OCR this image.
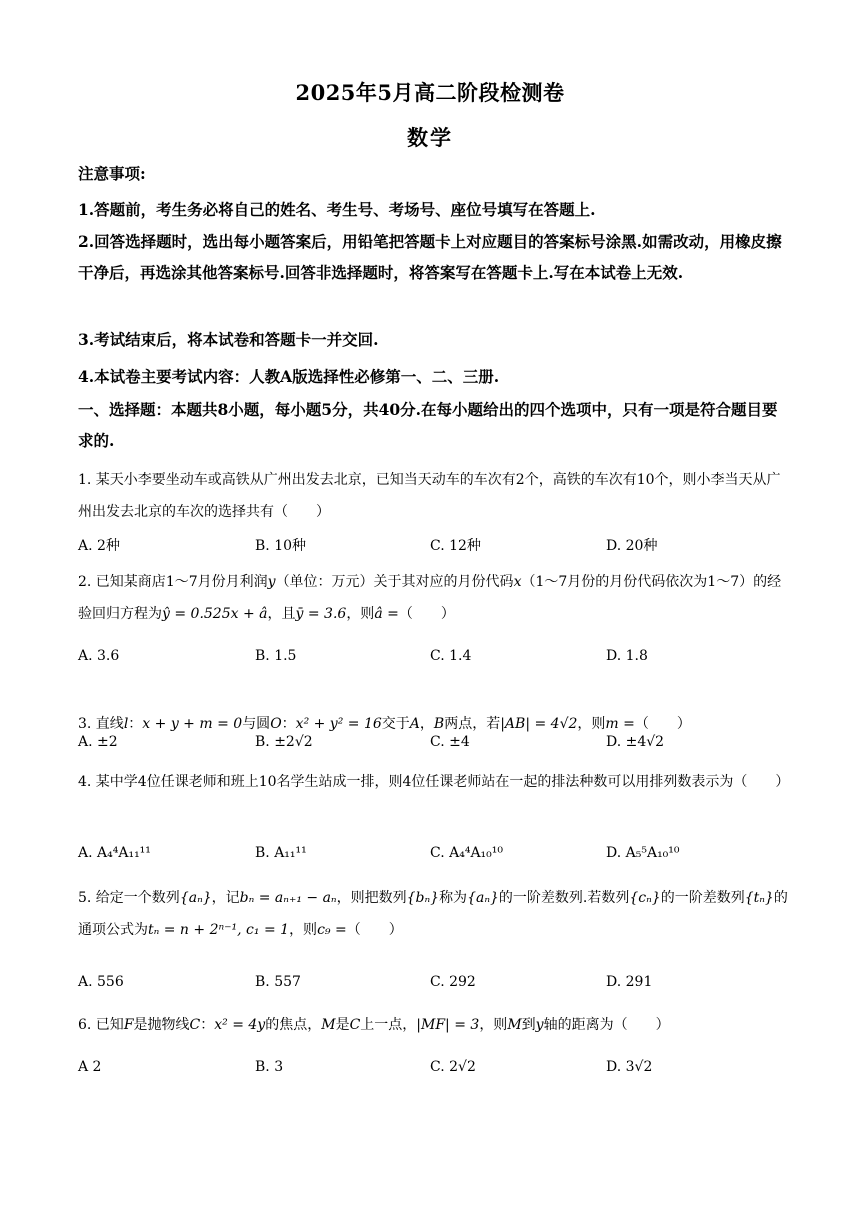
2025年5月高二阶段检测卷
数学
注意事项:
1.答题前，考生务必将自己的姓名、考生号、考场号、座位号填写在答题上.
2.回答选择题时，选出每小题答案后，用铅笔把答题卡上对应题目的答案标号涂黑.如需改动，用橡皮擦干净后，再选涂其他答案标号.回答非选择题时，将答案写在答题卡上.写在本试卷上无效.
3.考试结束后，将本试卷和答题卡一并交回.
4.本试卷主要考试内容：人教A版选择性必修第一、二、三册.
一、选择题：本题共8小题，每小题5分，共40分.在每小题给出的四个选项中，只有一项是符合题目要求的.
1. 某天小李要坐动车或高铁从广州出发去北京，已知当天动车的车次有2个，高铁的车次有10个，则小李当天从广州出发去北京的车次的选择共有（　　）
A. 2种	B. 10种	C. 12种	D. 20种
2. 已知某商店1～7月份月利润y（单位：万元）关于其对应的月份代码x（1～7月份的月份代码依次为1～7）的经验回归方程为ŷ = 0.525x + â，且ȳ = 3.6，则â =（　　）
A. 3.6	B. 1.5	C. 1.4	D. 1.8
3. 直线l：x + y + m = 0与圆O：x² + y² = 16交于A，B两点，若|AB| = 4√2，则m =（　　）
A. ±2	B. ±2√2	C. ±4	D. ±4√2
4. 某中学4位任课老师和班上10名学生站成一排，则4位任课老师站在一起的排法种数可以用排列数表示为（　　）
A. A₄⁴A₁₁¹¹	B. A₁₁¹¹	C. A₄⁴A₁₀¹⁰	D. A₅⁵A₁₀¹⁰
5. 给定一个数列{aₙ}，记bₙ = aₙ₊₁ − aₙ，则把数列{bₙ}称为{aₙ}的一阶差数列.若数列{cₙ}的一阶差数列{tₙ}的通项公式为tₙ = n + 2ⁿ⁻¹, c₁ = 1，则c₉ =（　　）
A. 556	B. 557	C. 292	D. 291
6. 已知F是抛物线C：x² = 4y的焦点，M是C上一点，|MF| = 3，则M到y轴的距离为（　　）
A 2	B. 3	C. 2√2	D. 3√2
